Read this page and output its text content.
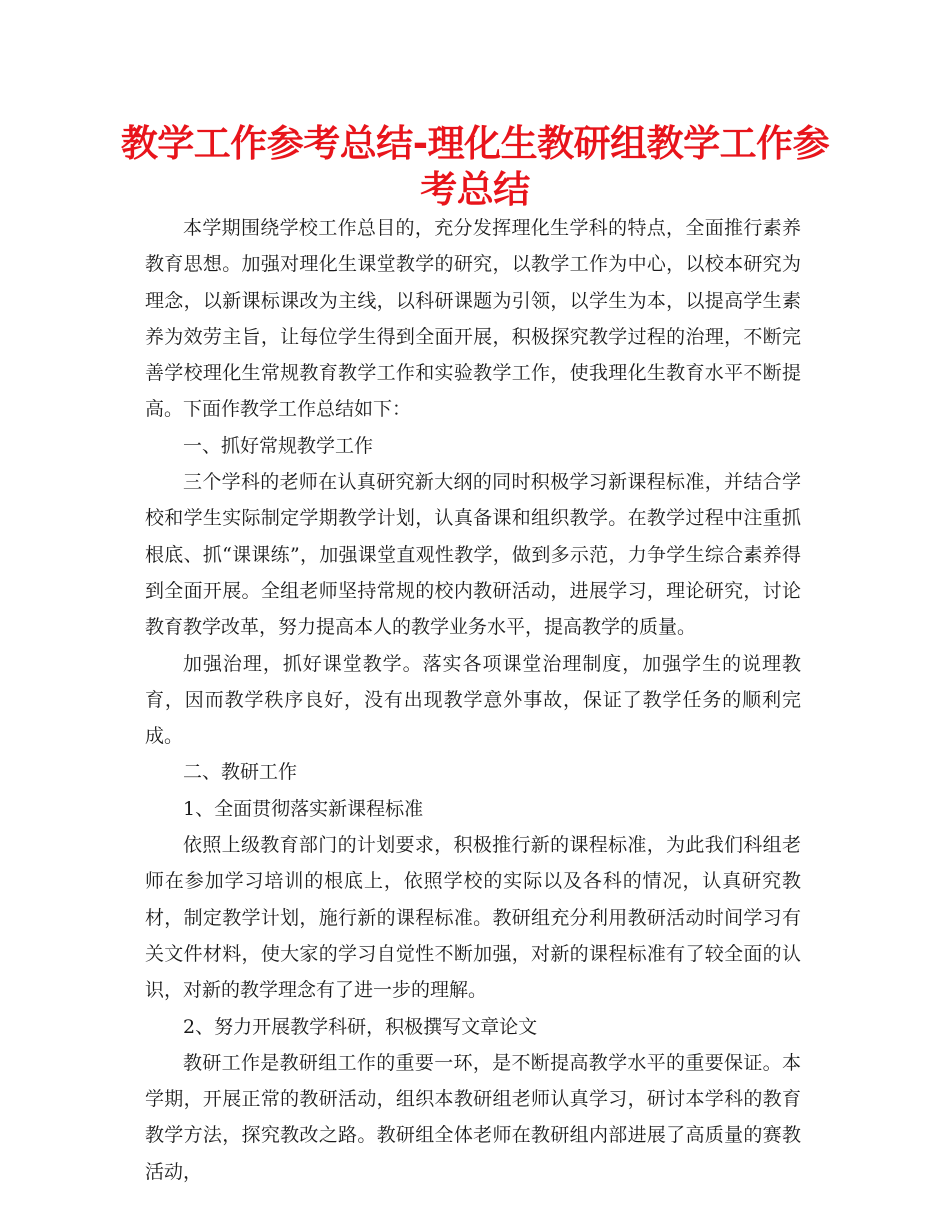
教学工作参考总结-理化生教研组教学工作参考总结

本学期围绕学校工作总目的，充分发挥理化生学科的特点，全面推行素养教育思想。加强对理化生课堂教学的研究，以教学工作为中心，以校本研究为理念，以新课标课改为主线，以科研课题为引领，以学生为本，以提高学生素养为效劳主旨，让每位学生得到全面开展，积极探究教学过程的治理，不断完善学校理化生常规教育教学工作和实验教学工作，使我理化生教育水平不断提高。下面作教学工作总结如下：

一、抓好常规教学工作

三个学科的老师在认真研究新大纲的同时积极学习新课程标准，并结合学校和学生实际制定学期教学计划，认真备课和组织教学。在教学过程中注重抓根底、抓“课课练”，加强课堂直观性教学，做到多示范，力争学生综合素养得到全面开展。全组老师坚持常规的校内教研活动，进展学习，理论研究，讨论教育教学改革，努力提高本人的教学业务水平，提高教学的质量。

加强治理，抓好课堂教学。落实各项课堂治理制度，加强学生的说理教育，因而教学秩序良好，没有出现教学意外事故，保证了教学任务的顺利完成。

二、教研工作

1、全面贯彻落实新课程标准

依照上级教育部门的计划要求，积极推行新的课程标准，为此我们科组老师在参加学习培训的根底上，依照学校的实际以及各科的情况，认真研究教材，制定教学计划，施行新的课程标准。教研组充分利用教研活动时间学习有关文件材料，使大家的学习自觉性不断加强，对新的课程标准有了较全面的认识，对新的教学理念有了进一步的理解。

2、努力开展教学科研，积极撰写文章论文

教研工作是教研组工作的重要一环，是不断提高教学水平的重要保证。本学期，开展正常的教研活动，组织本教研组老师认真学习，研讨本学科的教育教学方法，探究教改之路。教研组全体老师在教研组内部进展了高质量的赛教活动，
